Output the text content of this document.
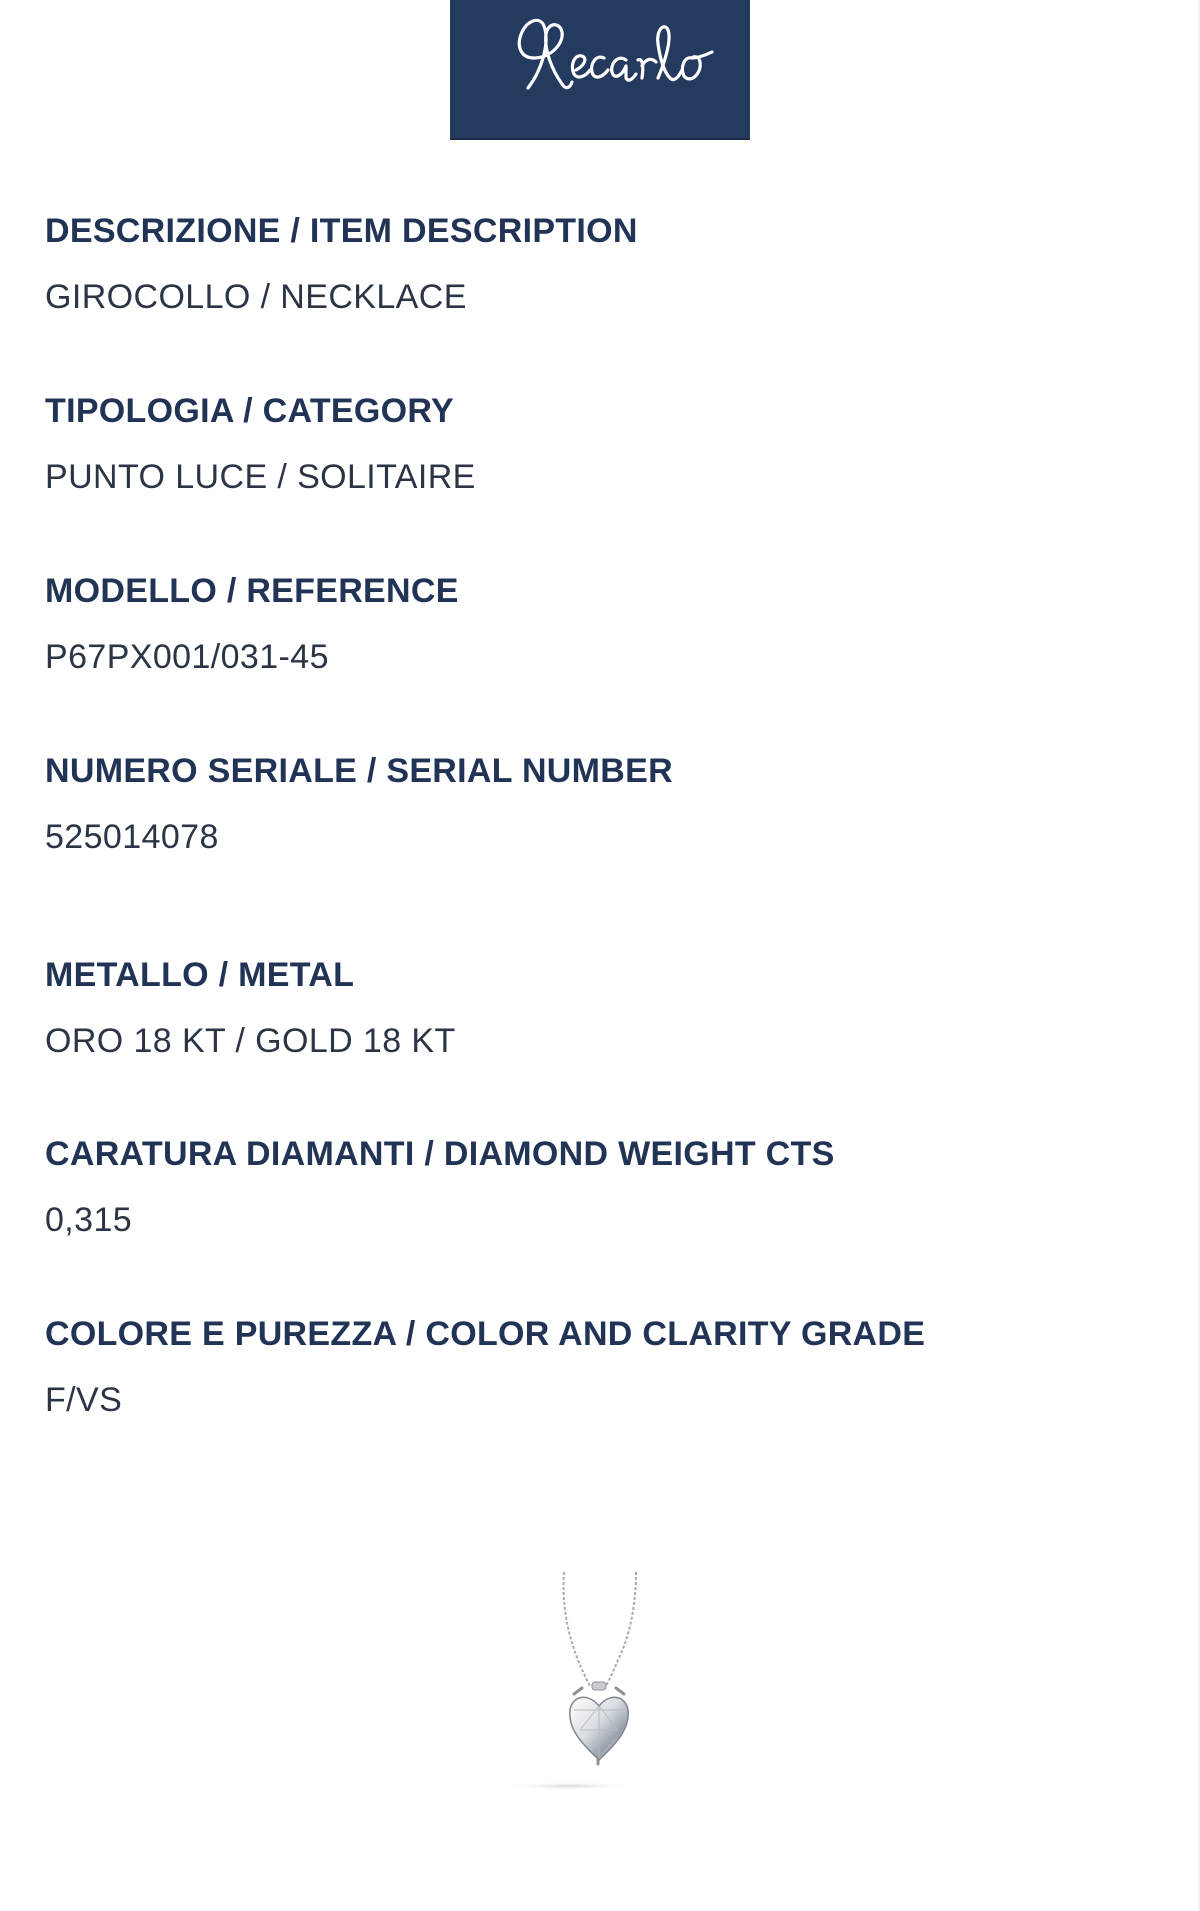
DESCRIZIONE / ITEM DESCRIPTION
GIROCOLLO / NECKLACE
TIPOLOGIA / CATEGORY
PUNTO LUCE / SOLITAIRE
MODELLO / REFERENCE
P67PX001/031-45
NUMERO SERIALE / SERIAL NUMBER
525014078
METALLO / METAL
ORO 18 KT / GOLD 18 KT
CARATURA DIAMANTI / DIAMOND WEIGHT CTS
0,315
COLORE E PUREZZA / COLOR AND CLARITY GRADE
F/VS
